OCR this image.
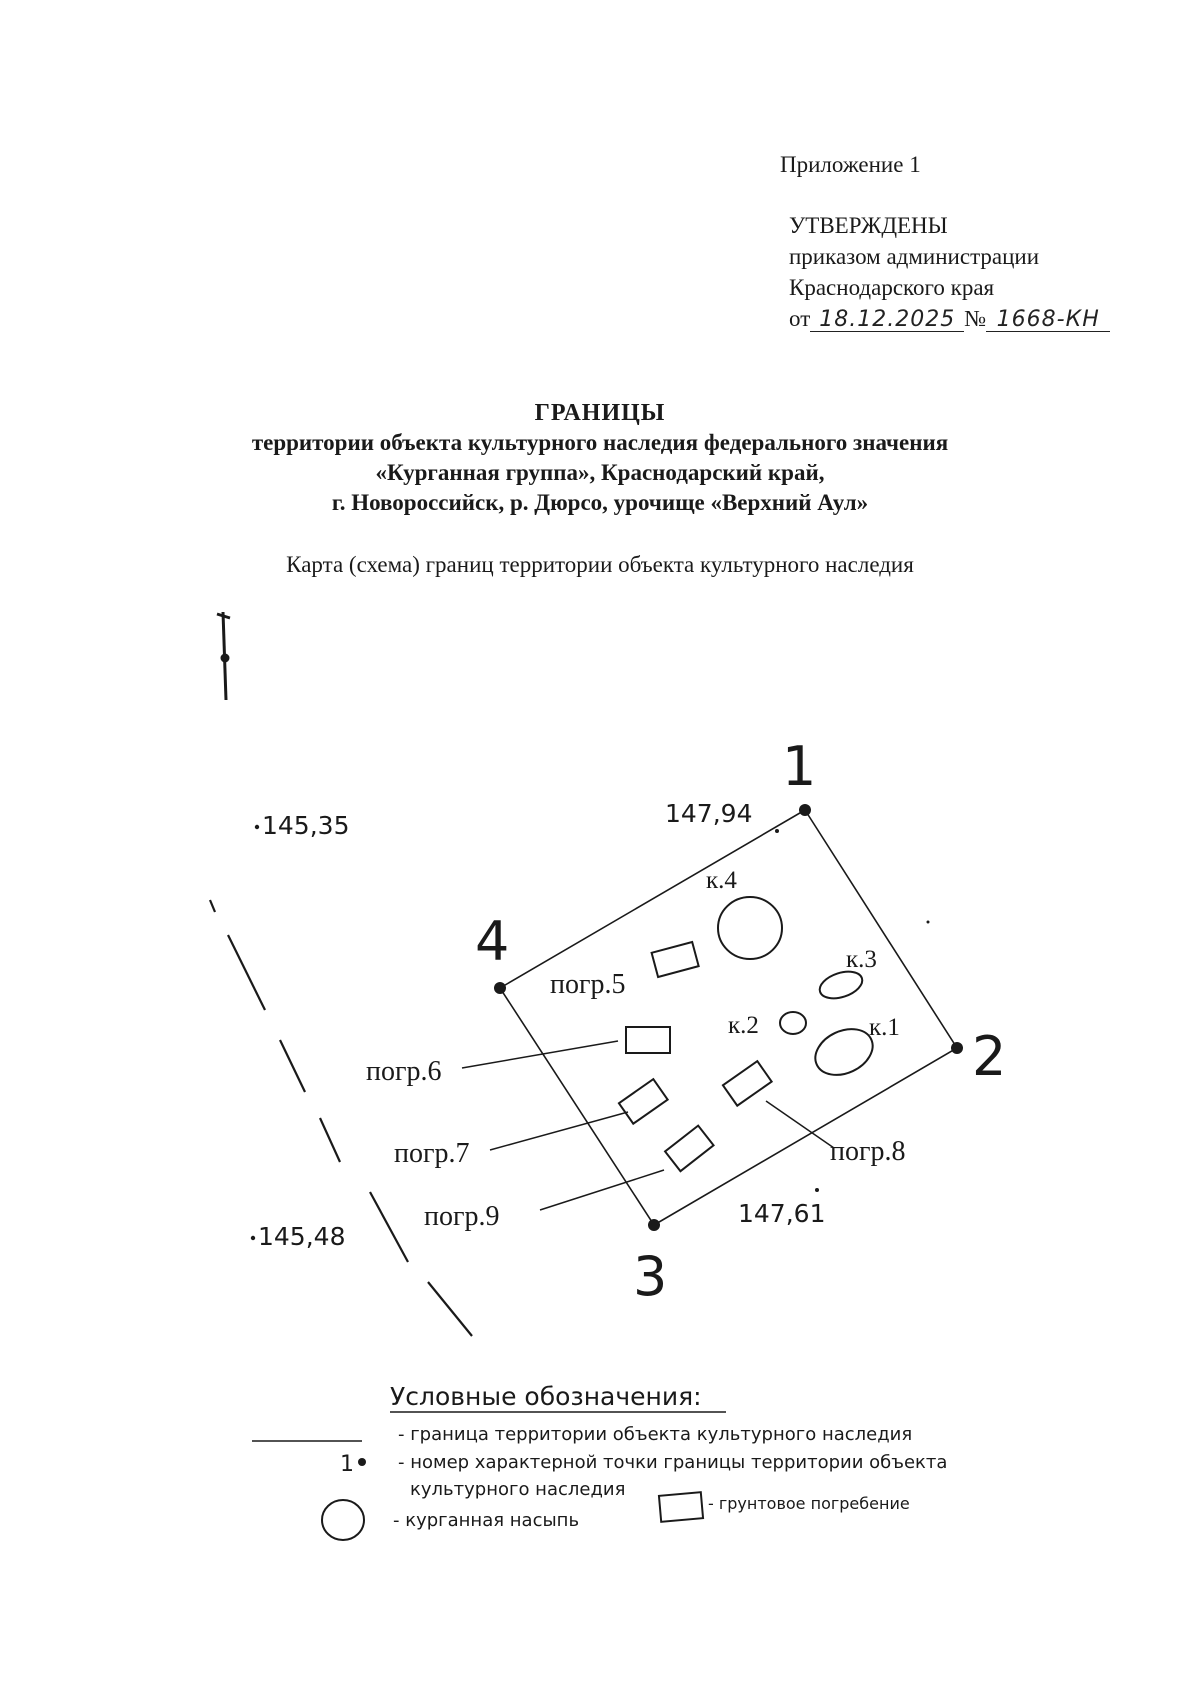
Приложение 1
УТВЕРЖДЕНЫ
приказом администрации
Краснодарского края
от 18.12.2025 № 1668-КН
ГРАНИЦЫ
территории объекта культурного наследия федерального значения
«Курганная группа», Краснодарский край,
г. Новороссийск, р. Дюрсо, урочище «Верхний Аул»
Карта (схема) границ территории объекта культурного наследия
1
2
3
4
145,35	147,94
147,61
145,48
к.4
к.3
к.2	к.1
погр.5
погр.6
погр.7	погр.8
погр.9
Условные обозначения:
- граница территории объекта культурного наследия
1 - номер характерной точки границы территории объекта
культурного наследия
- курганная насыпь
- грунтовое погребение
